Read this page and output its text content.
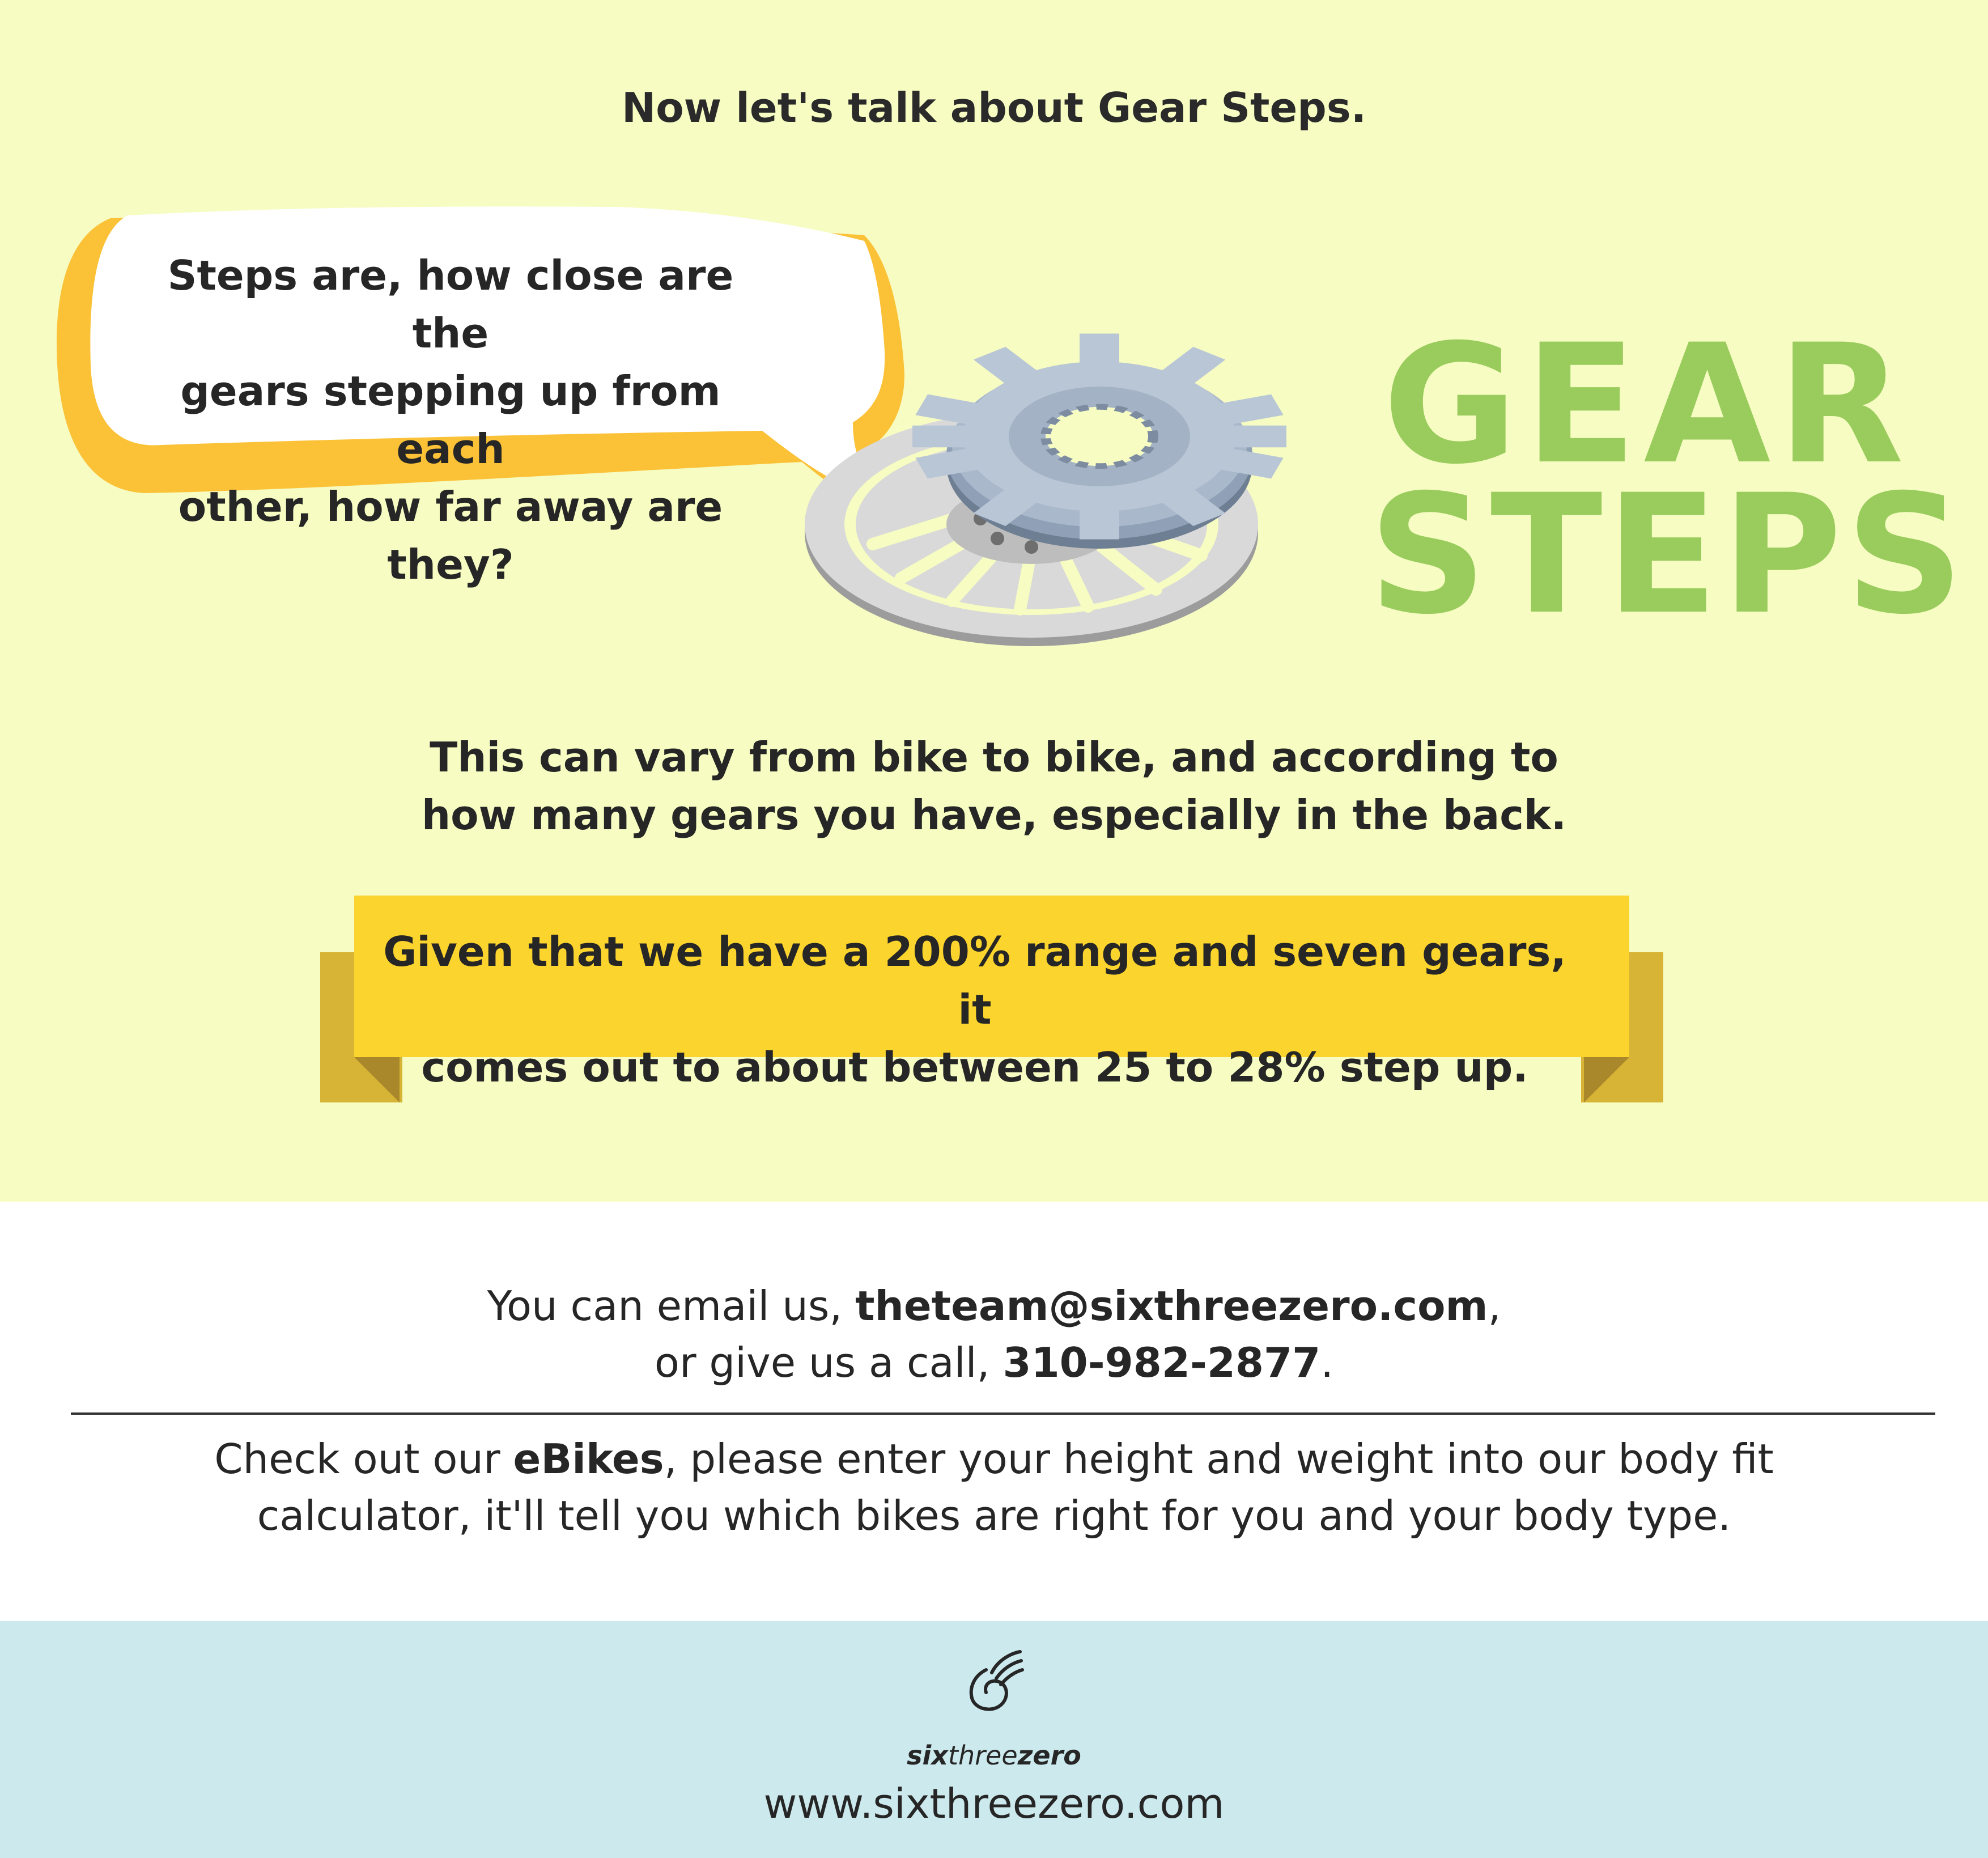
Now let's talk about Gear Steps.

Steps are, how close are the
gears stepping up from each
other, how far away are they?

GEAR

STEPS

This can vary from bike to bike, and according to
how many gears you have, especially in the back.

Given that we have a 200% range and seven gears, it
comes out to about between 25 to 28% step up.

You can email us, theteam@sixthreezero.com,

or give us a call, 310-982-2877.

Check out our eBikes, please enter your height and weight into our body fit

calculator, it'll tell you which bikes are right for you and your body type.

sixthreezero

www.sixthreezero.com
